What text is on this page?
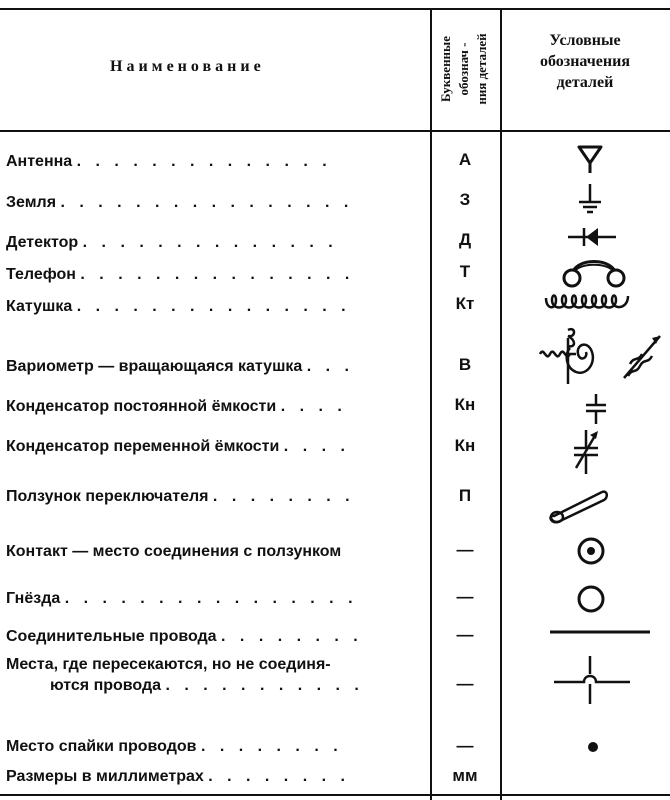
Наименование	Буквенные обознач - ния деталей	Условные
обозначения
деталей
Антенна . . . . . . . . . . . . . .
Земля . . . . . . . . . . . . . . . .
Детектор . . . . . . . . . . . . . .
Телефон . . . . . . . . . . . . . . .
Катушка . . . . . . . . . . . . . . .
Вариометр — вращающаяся катушка . . .
Конденсатор постоянной ёмкости . . . .
Конденсатор переменной ёмкости . . . .
Ползунок переключателя . . . . . . . .
Контакт — место соединения с ползунком
Гнёзда . . . . . . . . . . . . . . . .
Соединительные провода . . . . . . . .
Места, где пересекаются, но не соединя-
ются провода . . . . . . . . . . .
Место спайки проводов . . . . . . . .
Размеры в миллиметрах . . . . . . . .
А
З
Д
Т
Кт
В
Кн
Кн
П
—
—
—
—
—
мм
